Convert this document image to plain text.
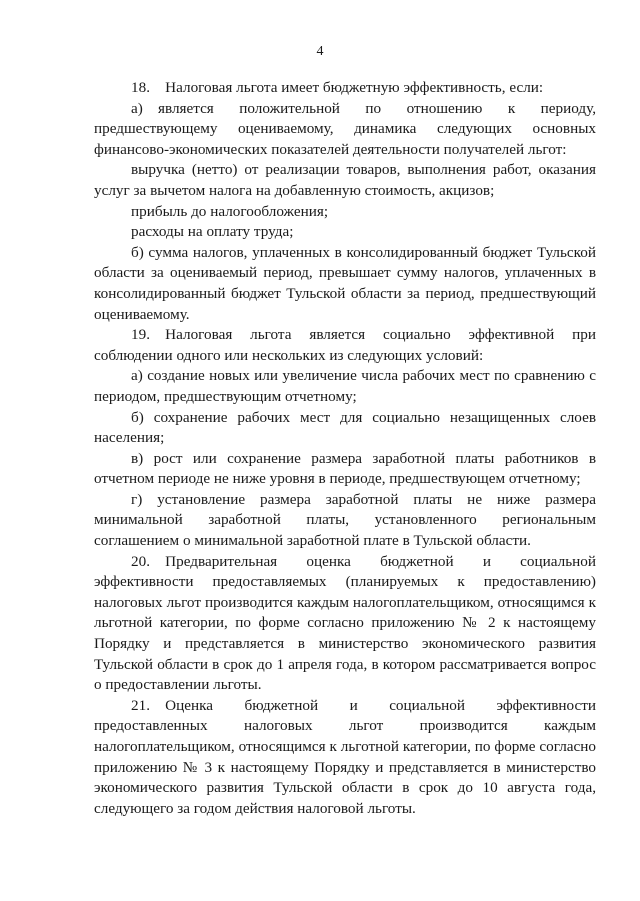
4

18. Налоговая льгота имеет бюджетную эффективность, если:

а) является положительной по отношению к периоду, предшествующему оцениваемому, динамика следующих основных финансово-экономических показателей деятельности получателей льгот:

выручка (нетто) от реализации товаров, выполнения работ, оказания услуг за вычетом налога на добавленную стоимость, акцизов;

прибыль до налогообложения;

расходы на оплату труда;

б) сумма налогов, уплаченных в консолидированный бюджет Тульской области за оцениваемый период, превышает сумму налогов, уплаченных в консолидированный бюджет Тульской области за период, предшествующий оцениваемому.

19. Налоговая льгота является социально эффективной при соблюдении одного или нескольких из следующих условий:

а) создание новых или увеличение числа рабочих мест по сравнению с периодом, предшествующим отчетному;

б) сохранение рабочих мест для социально незащищенных слоев населения;

в) рост или сохранение размера заработной платы работников в отчетном периоде не ниже уровня в периоде, предшествующем отчетному;

г) установление размера заработной платы не ниже размера минимальной заработной платы, установленного региональным соглашением о минимальной заработной плате в Тульской области.

20. Предварительная оценка бюджетной и социальной эффективности предоставляемых (планируемых к предоставлению) налоговых льгот производится каждым налогоплательщиком, относящимся к льготной категории, по форме согласно приложению № 2 к настоящему Порядку и представляется в министерство экономического развития Тульской области в срок до 1 апреля года, в котором рассматривается вопрос о предоставлении льготы.

21. Оценка бюджетной и социальной эффективности предоставленных налоговых льгот производится каждым налогоплательщиком, относящимся к льготной категории, по форме согласно приложению № 3 к настоящему Порядку и представляется в министерство экономического развития Тульской области в срок до 10 августа года, следующего за годом действия налоговой льготы.
